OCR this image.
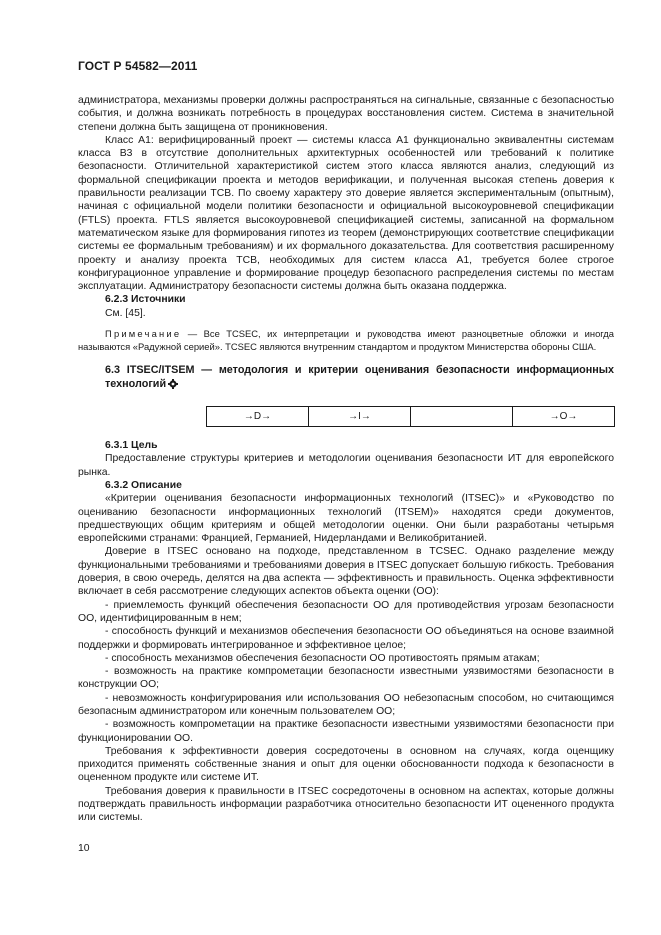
ГОСТ Р 54582—2011

администратора, механизмы проверки должны распространяться на сигнальные, связанные с безопасностью события, и должна возникать потребность в процедурах восстановления систем. Система в значительной степени должна быть защищена от проникновения.

Класс А1: верифицированный проект — системы класса А1 функционально эквивалентны системам класса В3 в отсутствие дополнительных архитектурных особенностей или требований к политике безопасности. Отличительной характеристикой систем этого класса являются анализ, следующий из формальной спецификации проекта и методов верификации, и полученная высокая степень доверия к правильности реализации ТСВ. По своему характеру это доверие является экспериментальным (опытным), начиная с официальной модели политики безопасности и официальной высокоуровневой спецификации (FTLS) проекта. FTLS является высокоуровневой спецификацией системы, записанной на формальном математическом языке для формирования гипотез из теорем (демонстрирующих соответствие спецификации системы ее формальным требованиям) и их формального доказательства. Для соответствия расширенному проекту и анализу проекта ТСВ, необходимых для систем класса А1, требуется более строгое конфигурационное управление и формирование процедур безопасного распределения системы по местам эксплуатации. Администратору безопасности системы должна быть оказана поддержка.

6.2.3 Источники

См. [45].

Примечание — Все TCSEC, их интерпретации и руководства имеют разноцветные обложки и иногда называются «Радужной серией». TCSEC являются внутренним стандартом и продуктом Министерства обороны США.

6.3 ITSEC/ITSEM — методология и критерии оценивания безопасности информационных технологий

→D→	→I→	→O→

6.3.1 Цель

Предоставление структуры критериев и методологии оценивания безопасности ИТ для европейского рынка.

6.3.2 Описание

«Критерии оценивания безопасности информационных технологий (ITSEC)» и «Руководство по оцениванию безопасности информационных технологий (ITSEM)» находятся среди документов, предшествующих общим критериям и общей методологии оценки. Они были разработаны четырьмя европейскими странами: Францией, Германией, Нидерландами и Великобританией.

Доверие в ITSEC основано на подходе, представленном в TCSEC. Однако разделение между функциональными требованиями и требованиями доверия в ITSEC допускает большую гибкость. Требования доверия, в свою очередь, делятся на два аспекта — эффективность и правильность. Оценка эффективности включает в себя рассмотрение следующих аспектов объекта оценки (ОО):

- приемлемость функций обеспечения безопасности ОО для противодействия угрозам безопасности ОО, идентифицированным в нем;

- способность функций и механизмов обеспечения безопасности ОО объединяться на основе взаимной поддержки и формировать интегрированное и эффективное целое;

- способность механизмов обеспечения безопасности ОО противостоять прямым атакам;

- возможность на практике компрометации безопасности известными уязвимостями безопасности в конструкции ОО;

- невозможность конфигурирования или использования ОО небезопасным способом, но считающимся безопасным администратором или конечным пользователем ОО;

- возможность компрометации на практике безопасности известными уязвимостями безопасности при функционировании ОО.

Требования к эффективности доверия сосредоточены в основном на случаях, когда оценщику приходится применять собственные знания и опыт для оценки обоснованности подхода к безопасности в оцененном продукте или системе ИТ.

Требования доверия к правильности в ITSEC сосредоточены в основном на аспектах, которые должны подтверждать правильность информации разработчика относительно безопасности ИТ оцененного продукта или системы.

10
